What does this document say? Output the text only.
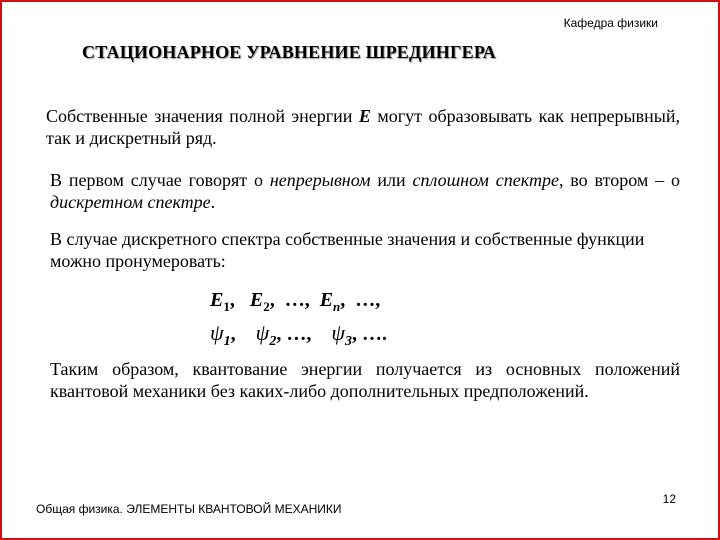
Кафедра физики
СТАЦИОНАРНОЕ УРАВНЕНИЕ ШРЕДИНГЕРА
Собственные значения полной энергии E могут образовывать как непрерывный, так и дискретный ряд.
В первом случае говорят о непрерывном или сплошном спектре, во втором – о дискретном спектре.
В случае дискретного спектра собственные значения и собственные функции можно пронумеровать:
$E_1$,   $E_2$,  …,  $E_n$,  …,
$\psi_1$,    $\psi_2$, …,    $\psi_3$, ….
Таким образом, квантование энергии получается из основных положений квантовой механики без каких-либо дополнительных предположений.
Общая физика. ЭЛЕМЕНТЫ КВАНТОВОЙ МЕХАНИКИ
12
